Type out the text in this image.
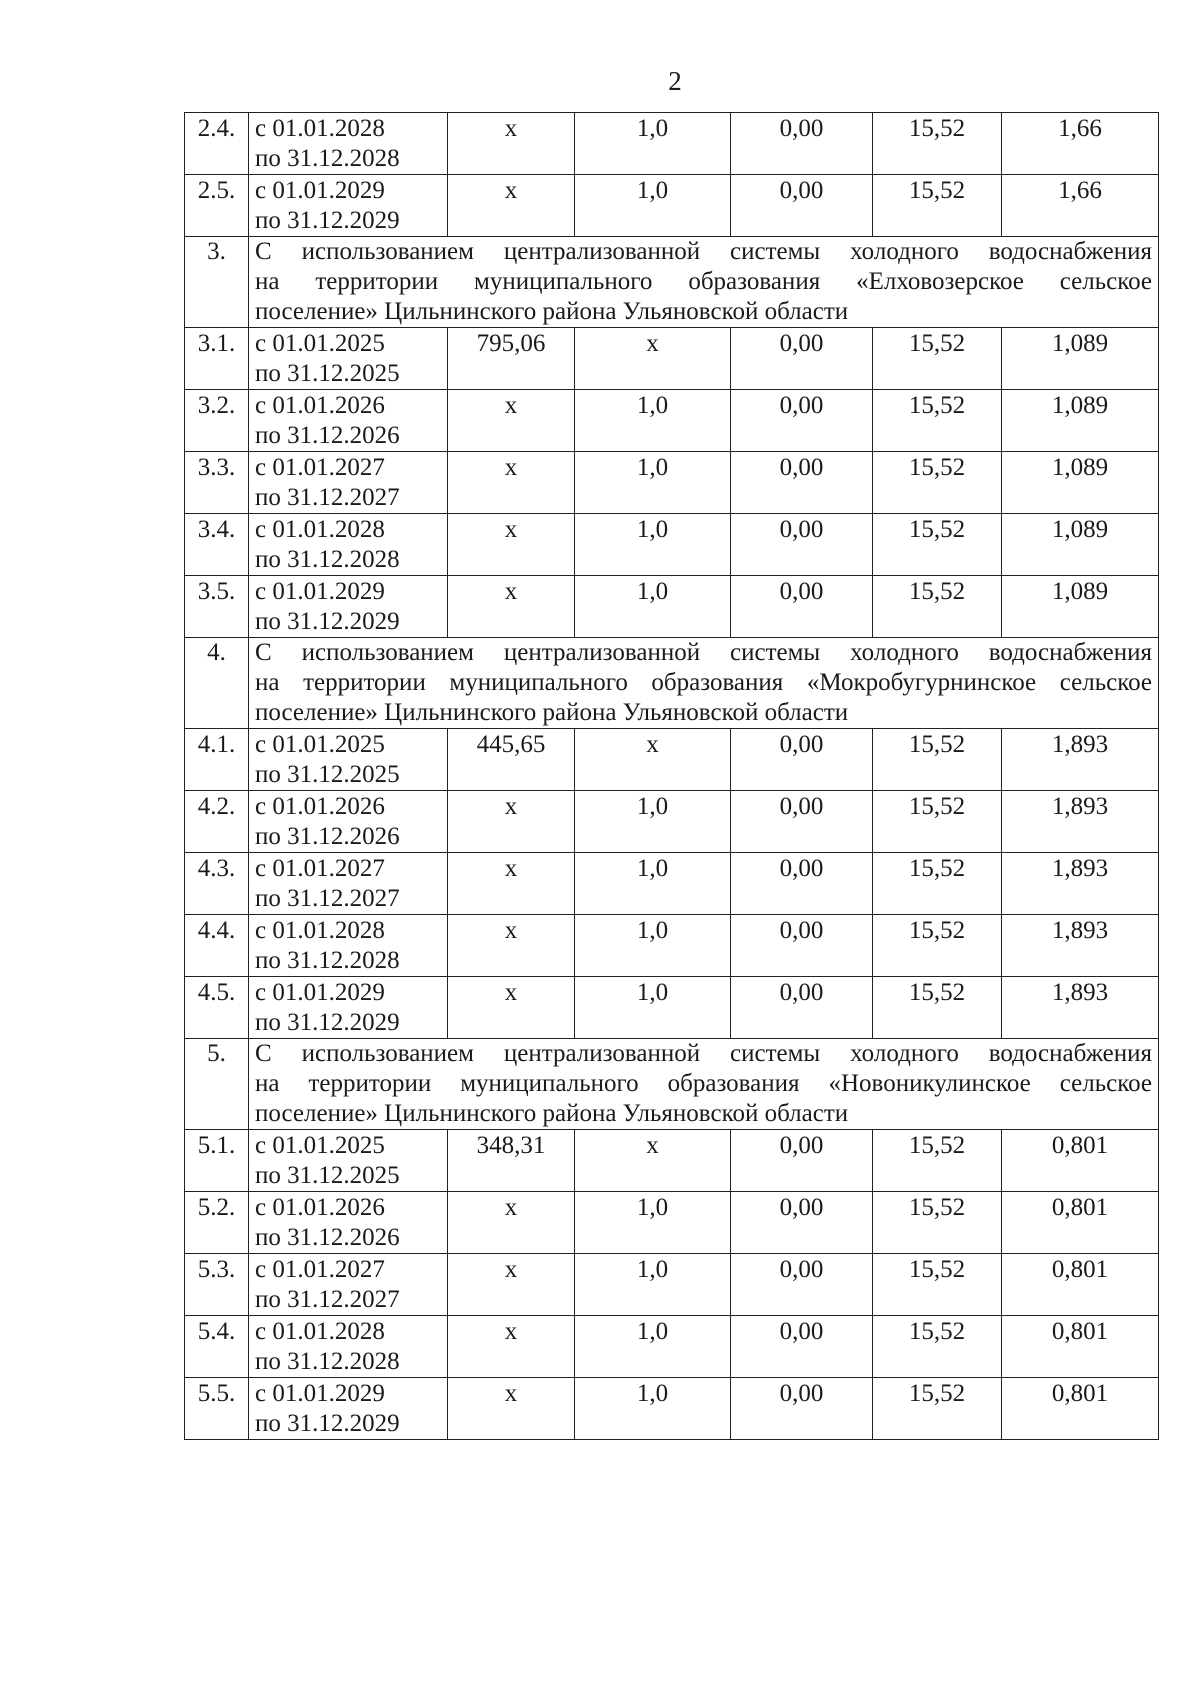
2
2.4.	с 01.01.2028
по 31.12.2028	х	1,0	0,00	15,52	1,66
2.5.	с 01.01.2029
по 31.12.2029	х	1,0	0,00	15,52	1,66
3.	С использованием централизованной системы холодного водоснабжения
на территории муниципального образования «Елховозерское сельское
поселение» Цильнинского района Ульяновской области					

3.1.	с 01.01.2025
по 31.12.2025	795,06	х	0,00	15,52	1,089
3.2.	с 01.01.2026
по 31.12.2026	х	1,0	0,00	15,52	1,089
3.3.	с 01.01.2027
по 31.12.2027	х	1,0	0,00	15,52	1,089
3.4.	с 01.01.2028
по 31.12.2028	х	1,0	0,00	15,52	1,089
3.5.	с 01.01.2029
по 31.12.2029	х	1,0	0,00	15,52	1,089
4.	С использованием централизованной системы холодного водоснабжения
на территории муниципального образования «Мокробугурнинское сельское
поселение» Цильнинского района Ульяновской области					

4.1.	с 01.01.2025
по 31.12.2025	445,65	х	0,00	15,52	1,893
4.2.	с 01.01.2026
по 31.12.2026	х	1,0	0,00	15,52	1,893
4.3.	с 01.01.2027
по 31.12.2027	х	1,0	0,00	15,52	1,893
4.4.	с 01.01.2028
по 31.12.2028	х	1,0	0,00	15,52	1,893
4.5.	с 01.01.2029
по 31.12.2029	х	1,0	0,00	15,52	1,893
5.	С использованием централизованной системы холодного водоснабжения
на территории муниципального образования «Новоникулинское сельское
поселение» Цильнинского района Ульяновской области					

5.1.	с 01.01.2025
по 31.12.2025	348,31	х	0,00	15,52	0,801
5.2.	с 01.01.2026
по 31.12.2026	х	1,0	0,00	15,52	0,801
5.3.	с 01.01.2027
по 31.12.2027	х	1,0	0,00	15,52	0,801
5.4.	с 01.01.2028
по 31.12.2028	х	1,0	0,00	15,52	0,801
5.5.	с 01.01.2029
по 31.12.2029	х	1,0	0,00	15,52	0,801
